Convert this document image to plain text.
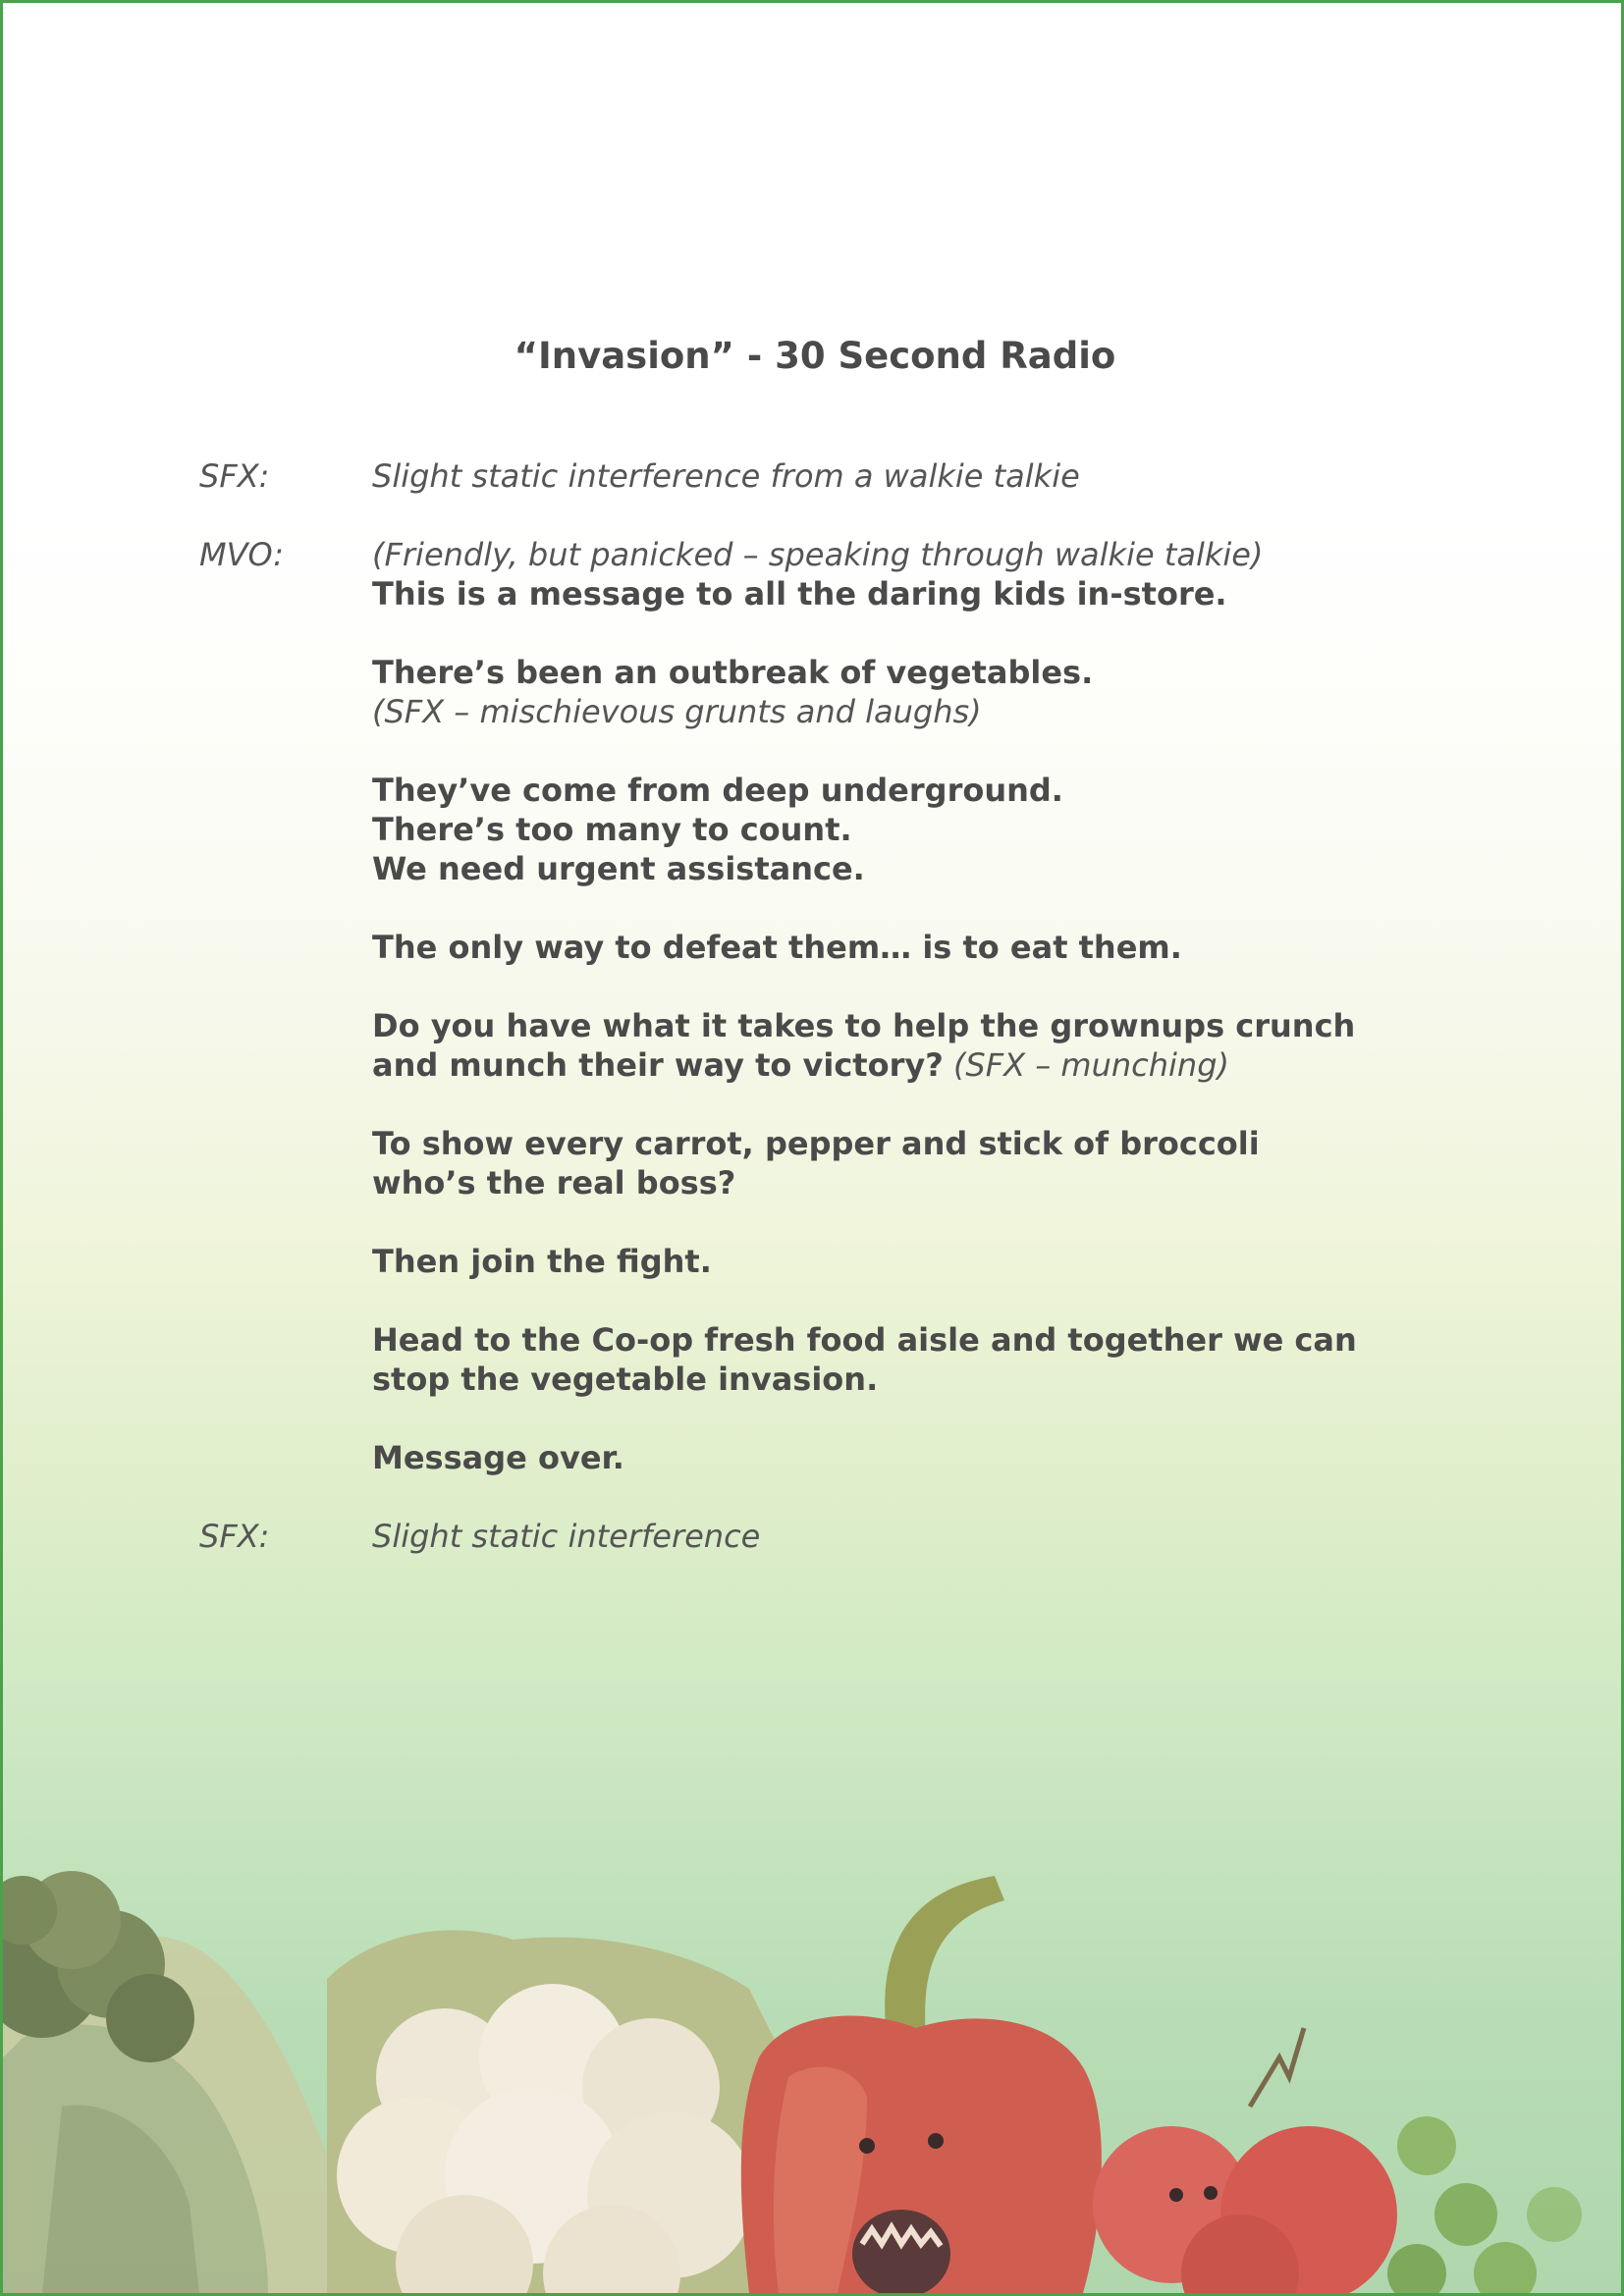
“Invasion” - 30 Second Radio
SFX:	Slight static interference from a walkie talkie
MVO:	(Friendly, but panicked – speaking through walkie talkie)
This is a message to all the daring kids in-store.
There’s been an outbreak of vegetables.
(SFX – mischievous grunts and laughs)
They’ve come from deep underground.
There’s too many to count.
We need urgent assistance.
The only way to defeat them… is to eat them.
Do you have what it takes to help the grownups crunch
and munch their way to victory? (SFX – munching)
To show every carrot, pepper and stick of broccoli
who’s the real boss?
Then join the fight.
Head to the Co-op fresh food aisle and together we can
stop the vegetable invasion.
Message over.
SFX:	Slight static interference
